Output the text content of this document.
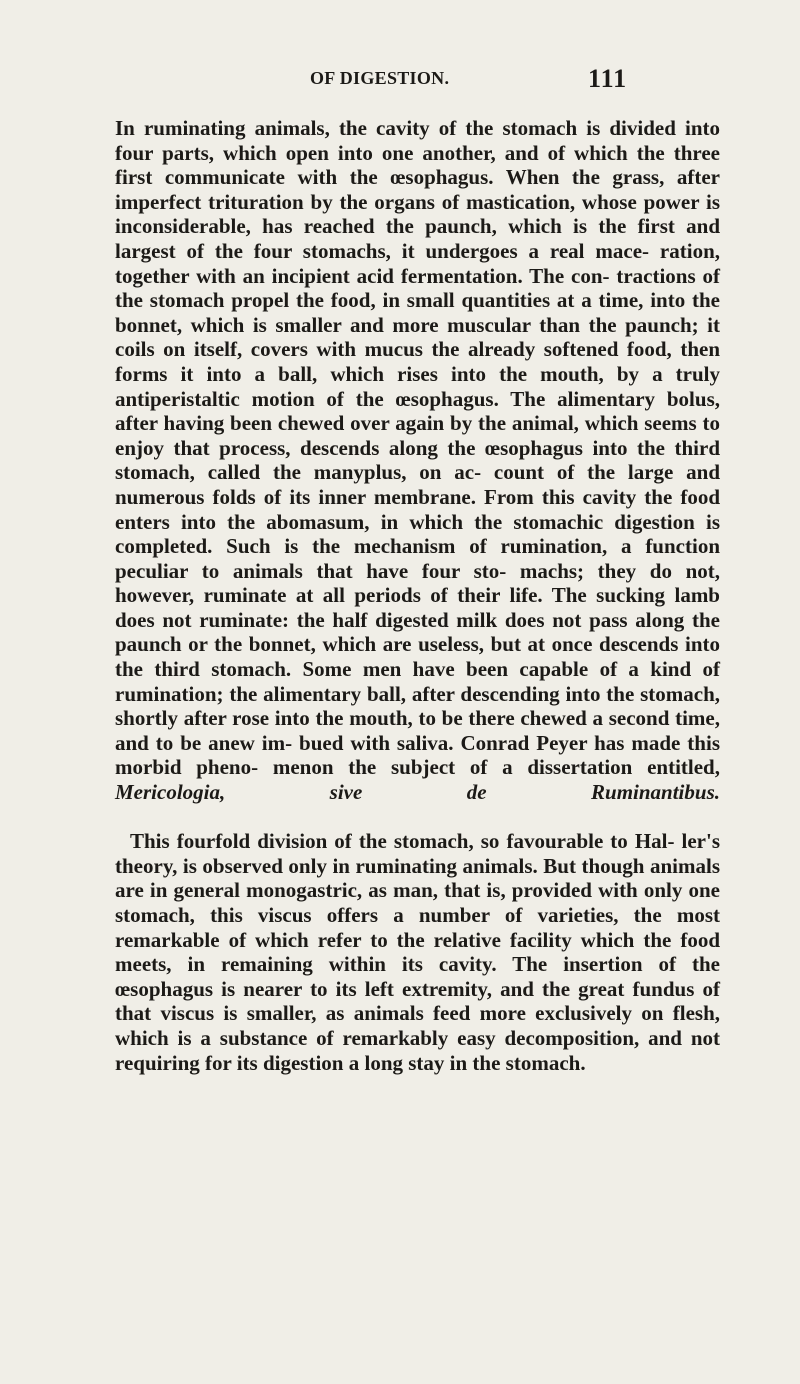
OF DIGESTION.	111

In ruminating animals, the cavity of the stomach is divided into four parts, which open into one another, and of which the three first communicate with the œsophagus. When the grass, after imperfect trituration by the organs of mastication, whose power is inconsiderable, has reached the paunch, which is the first and largest of the four stomachs, it undergoes a real mace- ration, together with an incipient acid fermentation. The con- tractions of the stomach propel the food, in small quantities at a time, into the bonnet, which is smaller and more muscular than the paunch; it coils on itself, covers with mucus the already softened food, then forms it into a ball, which rises into the mouth, by a truly antiperistaltic motion of the œsophagus. The alimentary bolus, after having been chewed over again by the animal, which seems to enjoy that process, descends along the œsophagus into the third stomach, called the manyplus, on ac- count of the large and numerous folds of its inner membrane. From this cavity the food enters into the abomasum, in which the stomachic digestion is completed. Such is the mechanism of rumination, a function peculiar to animals that have four sto- machs; they do not, however, ruminate at all periods of their life. The sucking lamb does not ruminate: the half digested milk does not pass along the paunch or the bonnet, which are useless, but at once descends into the third stomach. Some men have been capable of a kind of rumination; the alimentary ball, after descending into the stomach, shortly after rose into the mouth, to be there chewed a second time, and to be anew im- bued with saliva. Conrad Peyer has made this morbid pheno- menon the subject of a dissertation entitled, Mericologia, sive de Ruminantibus.

This fourfold division of the stomach, so favourable to Hal- ler's theory, is observed only in ruminating animals. But though animals are in general monogastric, as man, that is, provided with only one stomach, this viscus offers a number of varieties, the most remarkable of which refer to the relative facility which the food meets, in remaining within its cavity. The insertion of the œsophagus is nearer to its left extremity, and the great fundus of that viscus is smaller, as animals feed more exclusively on flesh, which is a substance of remarkably easy decomposition, and not requiring for its digestion a long stay in the stomach.
